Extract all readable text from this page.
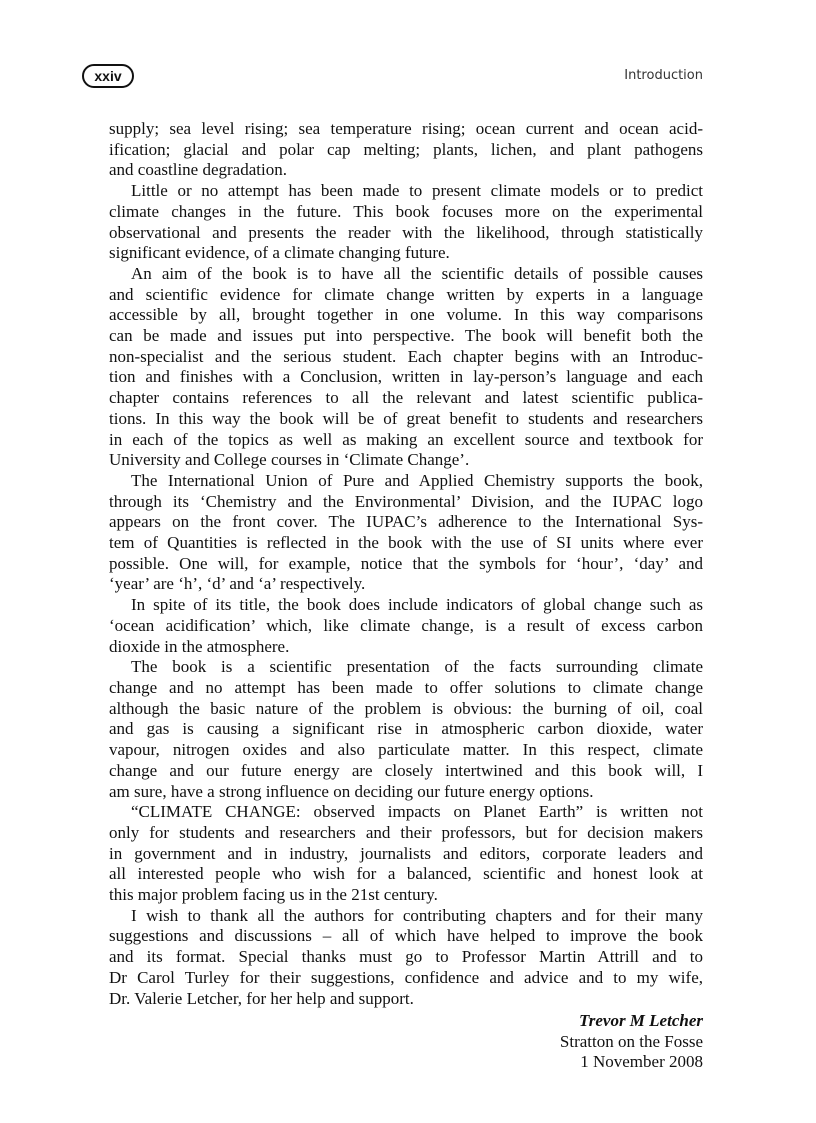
xxiv	Introduction
supply; sea level rising; sea temperature rising; ocean current and ocean acid-
ification; glacial and polar cap melting; plants, lichen, and plant pathogens
and coastline degradation.
Little or no attempt has been made to present climate models or to predict
climate changes in the future. This book focuses more on the experimental
observational and presents the reader with the likelihood, through statistically
significant evidence, of a climate changing future.
An aim of the book is to have all the scientific details of possible causes
and scientific evidence for climate change written by experts in a language
accessible by all, brought together in one volume. In this way comparisons
can be made and issues put into perspective. The book will benefit both the
non-specialist and the serious student. Each chapter begins with an Introduc-
tion and finishes with a Conclusion, written in lay-person’s language and each
chapter contains references to all the relevant and latest scientific publica-
tions. In this way the book will be of great benefit to students and researchers
in each of the topics as well as making an excellent source and textbook for
University and College courses in ‘Climate Change’.
The International Union of Pure and Applied Chemistry supports the book,
through its ‘Chemistry and the Environmental’ Division, and the IUPAC logo
appears on the front cover. The IUPAC’s adherence to the International Sys-
tem of Quantities is reflected in the book with the use of SI units where ever
possible. One will, for example, notice that the symbols for ‘hour’, ‘day’ and
‘year’ are ‘h’, ‘d’ and ‘a’ respectively.
In spite of its title, the book does include indicators of global change such as
‘ocean acidification’ which, like climate change, is a result of excess carbon
dioxide in the atmosphere.
The book is a scientific presentation of the facts surrounding climate
change and no attempt has been made to offer solutions to climate change
although the basic nature of the problem is obvious: the burning of oil, coal
and gas is causing a significant rise in atmospheric carbon dioxide, water
vapour, nitrogen oxides and also particulate matter. In this respect, climate
change and our future energy are closely intertwined and this book will, I
am sure, have a strong influence on deciding our future energy options.
“CLIMATE CHANGE: observed impacts on Planet Earth” is written not
only for students and researchers and their professors, but for decision makers
in government and in industry, journalists and editors, corporate leaders and
all interested people who wish for a balanced, scientific and honest look at
this major problem facing us in the 21st century.
I wish to thank all the authors for contributing chapters and for their many
suggestions and discussions – all of which have helped to improve the book
and its format. Special thanks must go to Professor Martin Attrill and to
Dr Carol Turley for their suggestions, confidence and advice and to my wife,
Dr. Valerie Letcher, for her help and support.
Trevor M Letcher
Stratton on the Fosse
1 November 2008
